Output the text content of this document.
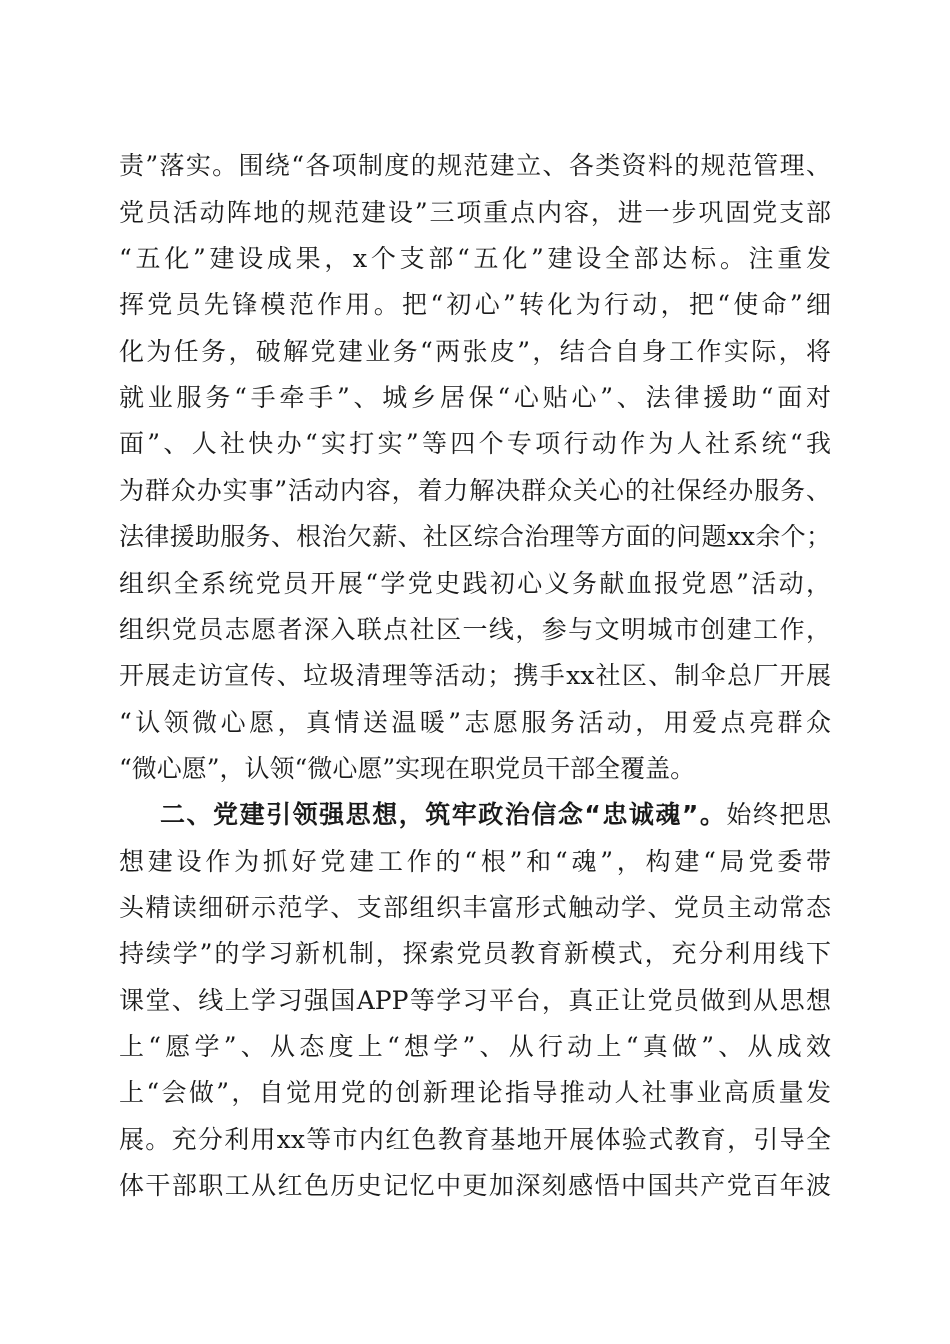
责”落实。围绕“各项制度的规范建立、各类资料的规范管理、
党员活动阵地的规范建设”三项重点内容，进一步巩固党支部
“五化”建设成果，x个支部“五化”建设全部达标。注重发
挥党员先锋模范作用。把“初心”转化为行动，把“使命”细
化为任务，破解党建业务“两张皮”，结合自身工作实际，将
就业服务“手牵手”、城乡居保“心贴心”、法律援助“面对
面”、人社快办“实打实”等四个专项行动作为人社系统“我
为群众办实事”活动内容，着力解决群众关心的社保经办服务、
法律援助服务、根治欠薪、社区综合治理等方面的问题xx余个；
组织全系统党员开展“学党史践初心义务献血报党恩”活动，
组织党员志愿者深入联点社区一线，参与文明城市创建工作，
开展走访宣传、垃圾清理等活动；携手xx社区、制伞总厂开展
“认领微心愿，真情送温暖”志愿服务活动，用爱点亮群众
“微心愿”，认领“微心愿”实现在职党员干部全覆盖。
二、党建引领强思想，筑牢政治信念“忠诚魂”。始终把思
想建设作为抓好党建工作的“根”和“魂”，构建“局党委带
头精读细研示范学、支部组织丰富形式触动学、党员主动常态
持续学”的学习新机制，探索党员教育新模式，充分利用线下
课堂、线上学习强国APP等学习平台，真正让党员做到从思想
上“愿学”、从态度上“想学”、从行动上“真做”、从成效
上“会做”，自觉用党的创新理论指导推动人社事业高质量发
展。充分利用xx等市内红色教育基地开展体验式教育，引导全
体干部职工从红色历史记忆中更加深刻感悟中国共产党百年波
